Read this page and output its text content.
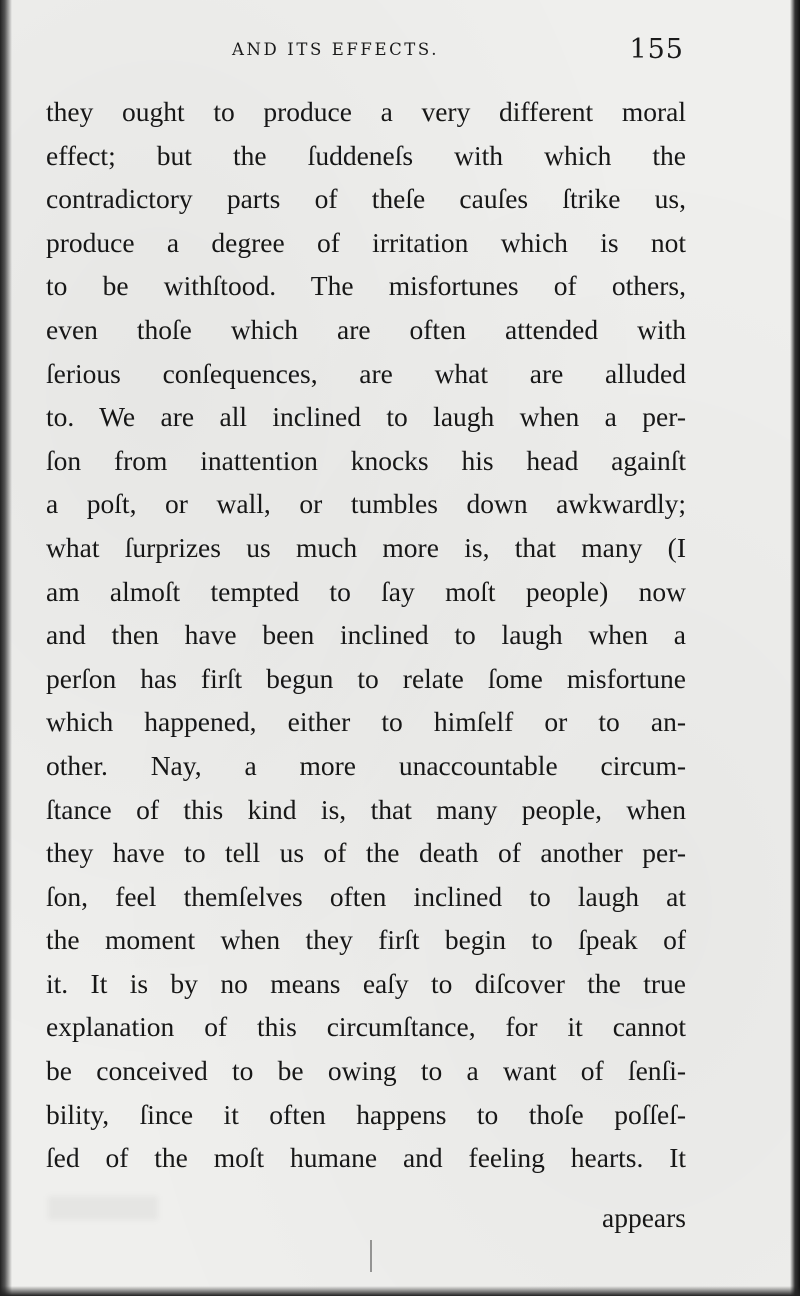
AND ITS EFFECTS.	155
they ought to produce a very different moral
effect; but the ſuddeneſs with which the
contradictory parts of theſe cauſes ſtrike us,
produce a degree of irritation which is not
to be withſtood. The misfortunes of others,
even thoſe which are often attended with
ſerious conſequences, are what are alluded
to. We are all inclined to laugh when a per-
ſon from inattention knocks his head againſt
a poſt, or wall, or tumbles down awkwardly;
what ſurprizes us much more is, that many (I
am almoſt tempted to ſay moſt people) now
and then have been inclined to laugh when a
perſon has firſt begun to relate ſome misfortune
which happened, either to himſelf or to an-
other. Nay, a more unaccountable circum-
ſtance of this kind is, that many people, when
they have to tell us of the death of another per-
ſon, feel themſelves often inclined to laugh at
the moment when they firſt begin to ſpeak of
it. It is by no means eaſy to diſcover the true
explanation of this circumſtance, for it cannot
be conceived to be owing to a want of ſenſi-
bility, ſince it often happens to thoſe poſſeſ-
ſed of the moſt humane and feeling hearts. It
appears
